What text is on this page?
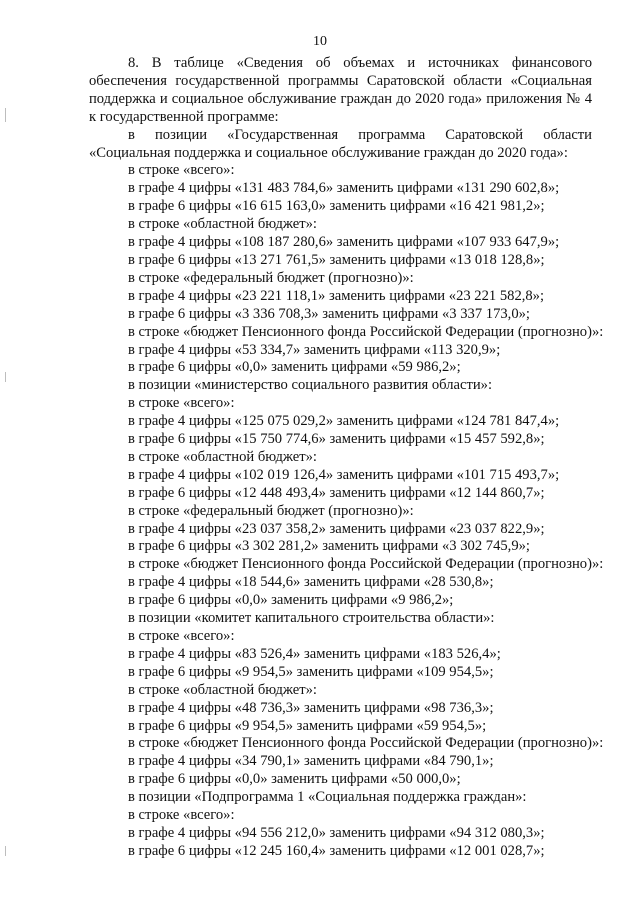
10

8. В таблице «Сведения об объемах и источниках финансового обеспечения государственной программы Саратовской области «Социальная поддержка и социальное обслуживание граждан до 2020 года» приложения № 4 к государственной программе:

в позиции «Государственная программа Саратовской области «Социальная поддержка и социальное обслуживание граждан до 2020 года»:

в строке «всего»:

в графе 4 цифры «131 483 784,6» заменить цифрами «131 290 602,8»;

в графе 6 цифры «16 615 163,0» заменить цифрами «16 421 981,2»;

в строке «областной бюджет»:

в графе 4 цифры «108 187 280,6» заменить цифрами «107 933 647,9»;

в графе 6 цифры «13 271 761,5» заменить цифрами «13 018 128,8»;

в строке «федеральный бюджет (прогнозно)»:

в графе 4 цифры «23 221 118,1» заменить цифрами «23 221 582,8»;

в графе 6 цифры «3 336 708,3» заменить цифрами «3 337 173,0»;

в строке «бюджет Пенсионного фонда Российской Федерации (прогнозно)»:

в графе 4 цифры «53 334,7» заменить цифрами «113 320,9»;

в графе 6 цифры «0,0» заменить цифрами «59 986,2»;

в позиции «министерство социального развития области»:

в строке «всего»:

в графе 4 цифры «125 075 029,2» заменить цифрами «124 781 847,4»;

в графе 6 цифры «15 750 774,6» заменить цифрами «15 457 592,8»;

в строке «областной бюджет»:

в графе 4 цифры «102 019 126,4» заменить цифрами «101 715 493,7»;

в графе 6 цифры «12 448 493,4» заменить цифрами «12 144 860,7»;

в строке «федеральный бюджет (прогнозно)»:

в графе 4 цифры «23 037 358,2» заменить цифрами «23 037 822,9»;

в графе 6 цифры «3 302 281,2» заменить цифрами «3 302 745,9»;

в строке «бюджет Пенсионного фонда Российской Федерации (прогнозно)»:

в графе 4 цифры «18 544,6» заменить цифрами «28 530,8»;

в графе 6 цифры «0,0» заменить цифрами «9 986,2»;

в позиции «комитет капитального строительства области»:

в строке «всего»:

в графе 4 цифры «83 526,4» заменить цифрами «183 526,4»;

в графе 6 цифры «9 954,5» заменить цифрами «109 954,5»;

в строке «областной бюджет»:

в графе 4 цифры «48 736,3» заменить цифрами «98 736,3»;

в графе 6 цифры «9 954,5» заменить цифрами «59 954,5»;

в строке «бюджет Пенсионного фонда Российской Федерации (прогнозно)»:

в графе 4 цифры «34 790,1» заменить цифрами «84 790,1»;

в графе 6 цифры «0,0» заменить цифрами «50 000,0»;

в позиции «Подпрограмма 1 «Социальная поддержка граждан»:

в строке «всего»:

в графе 4 цифры «94 556 212,0» заменить цифрами «94 312 080,3»;

в графе 6 цифры «12 245 160,4» заменить цифрами «12 001 028,7»;
